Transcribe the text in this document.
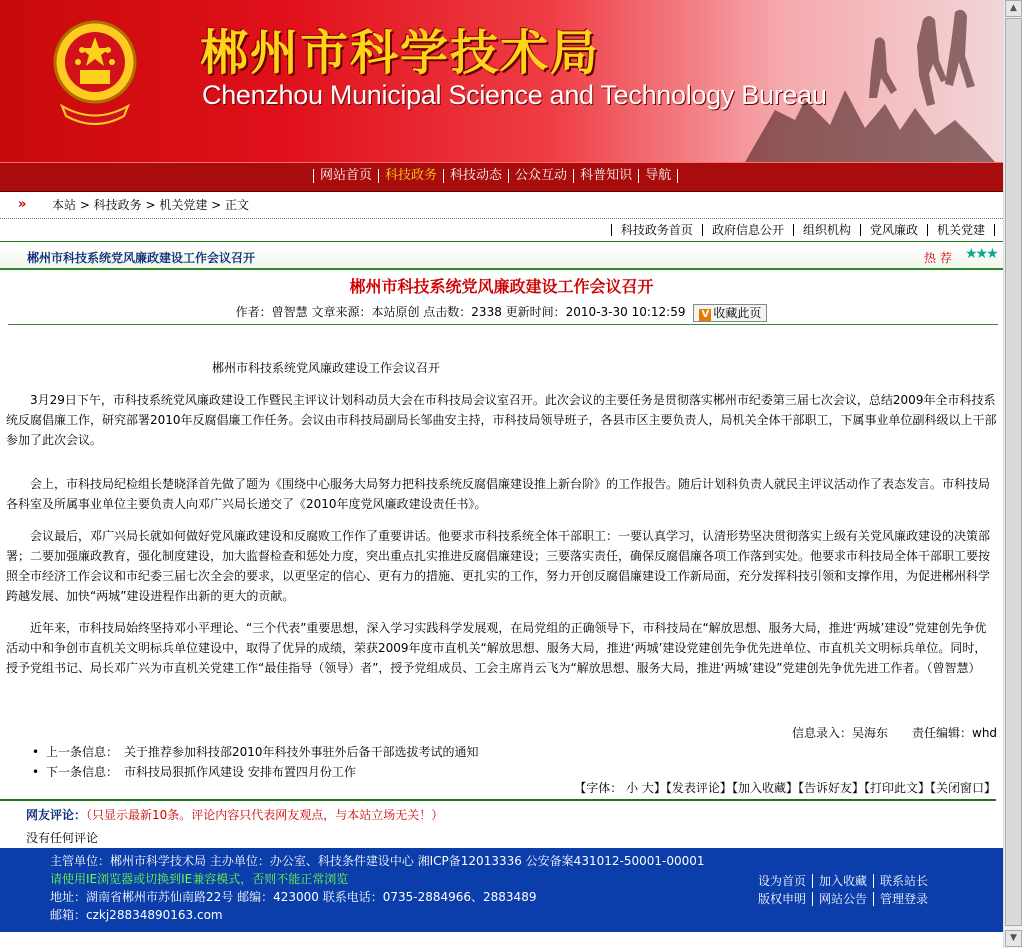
郴州市科学技术局
Chenzhou Municipal Science and Technology Bureau
网站首页	科技政务	科技动态	公众互动	科普知识	导航
» 本站 > 科技政务 > 机关党建 > 正文
科技政务首页	政府信息公开	组织机构	党风廉政	机关党建
郴州市科技系统党风廉政建设工作会议召开	热 荐 ★★★
郴州市科技系统党风廉政建设工作会议召开
作者：曾智慧 文章来源：本站原创 点击数：2338 更新时间：2010-3-30 10:12:59 V 收藏此页
郴州市科技系统党风廉政建设工作会议召开

3月29日下午，市科技系统党风廉政建设工作暨民主评议计划科动员大会在市科技局会议室召开。此次会议的主要任务是贯彻落实郴州市纪委第三届七次会议，总结2009年全市科技系统反腐倡廉工作，研究部署2010年反腐倡廉工作任务。会议由市科技局副局长邹曲安主持，市科技局领导班子，各县市区主要负责人，局机关全体干部职工，下属事业单位副科级以上干部参加了此次会议。

会上，市科技局纪检组长楚晓泽首先做了题为《围绕中心服务大局努力把科技系统反腐倡廉建设推上新台阶》的工作报告。随后计划科负责人就民主评议活动作了表态发言。市科技局各科室及所属事业单位主要负责人向邓广兴局长递交了《2010年度党风廉政建设责任书》。

会议最后，邓广兴局长就如何做好党风廉政建设和反腐败工作作了重要讲话。他要求市科技系统全体干部职工：一要认真学习，认清形势坚决贯彻落实上级有关党风廉政建设的决策部署；二要加强廉政教育，强化制度建设，加大监督检查和惩处力度，突出重点扎实推进反腐倡廉建设；三要落实责任，确保反腐倡廉各项工作落到实处。他要求市科技局全体干部职工要按照全市经济工作会议和市纪委三届七次全会的要求，以更坚定的信心、更有力的措施、更扎实的工作，努力开创反腐倡廉建设工作新局面，充分发挥科技引领和支撑作用，为促进郴州科学跨越发展、加快“两城”建设进程作出新的更大的贡献。

近年来，市科技局始终坚持邓小平理论、“三个代表”重要思想，深入学习实践科学发展观，在局党组的正确领导下，市科技局在“解放思想、服务大局，推进‘两城’建设”党建创先争优活动中和争创市直机关文明标兵单位建设中，取得了优异的成绩，荣获2009年度市直机关“解放思想、服务大局，推进‘两城’建设党建创先争优先进单位、市直机关文明标兵单位。同时，授予党组书记、局长邓广兴为市直机关党建工作“最佳指导（领导）者”，授予党组成员、工会主席肖云飞为“解放思想、服务大局，推进‘两城’建设”党建创先争优先进工作者。（曾智慧）

信息录入：吴海东 责任编辑：whd
• 上一条信息： 关于推荐参加科技部2010年科技外事驻外后备干部选拔考试的通知
• 下一条信息： 市科技局狠抓作风建设 安排布置四月份工作
【字体： 小 大】【发表评论】【加入收藏】【告诉好友】【打印此文】【关闭窗口】
网友评论：（只显示最新10条。评论内容只代表网友观点，与本站立场无关！）
没有任何评论
主管单位：郴州市科学技术局 主办单位：办公室、科技条件建设中心 湘ICP备12013336 公安备案431012-50001-00001
请使用IE浏览器或切换到IE兼容模式，否则不能正常浏览
地址：湖南省郴州市苏仙南路22号 邮编：423000 联系电话：0735-2884966、2883489
邮箱：czkj28834890163.com
设为首页 加入收藏 联系站长
版权申明 网站公告 管理登录
▲
▼
